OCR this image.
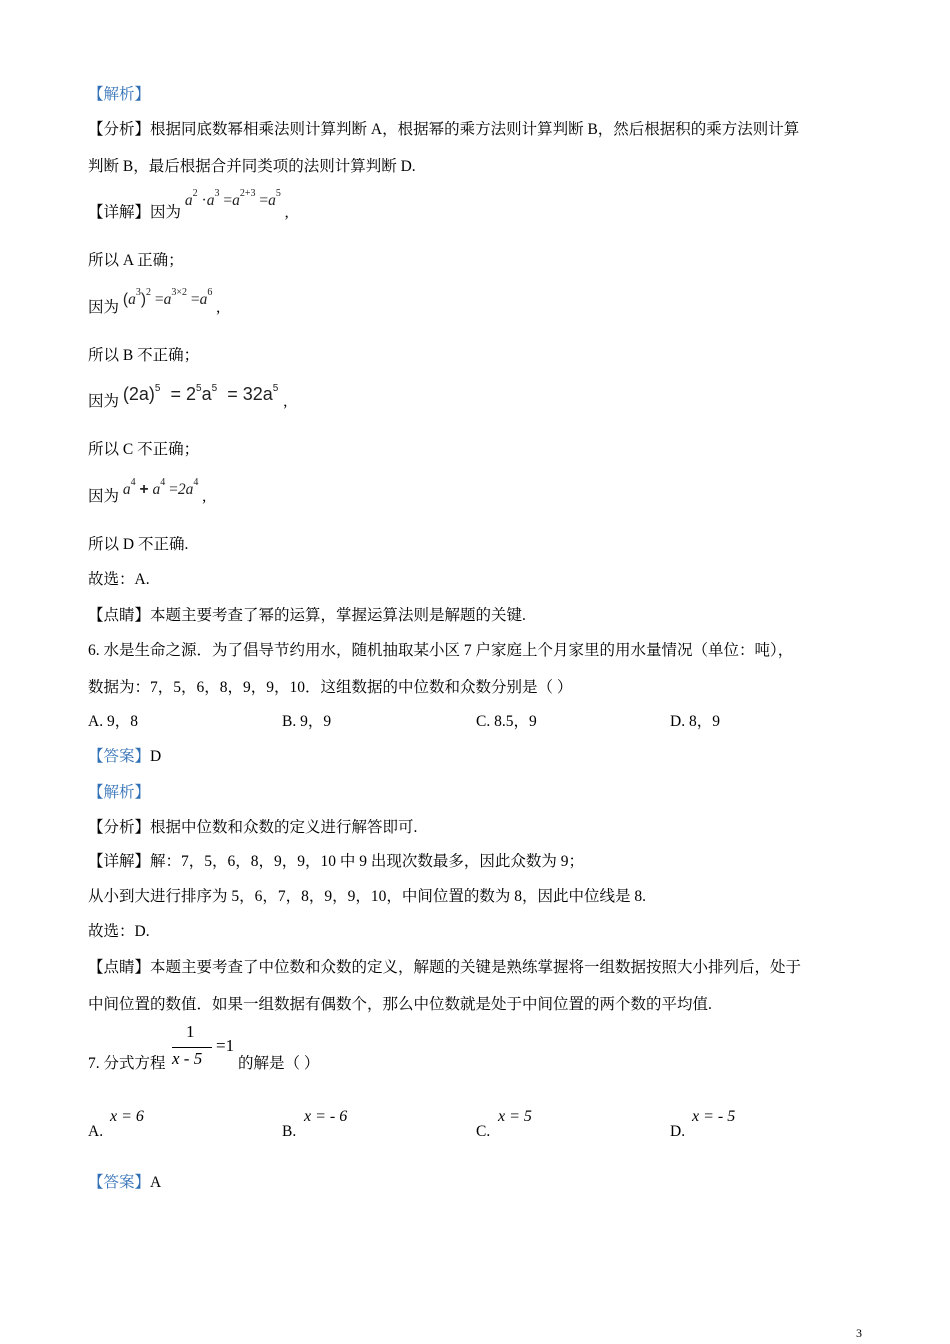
【解析】
【分析】根据同底数幂相乘法则计算判断 A，根据幂的乘方法则计算判断 B，然后根据积的乘方法则计算
判断 B，最后根据合并同类项的法则计算判断 D.
【详解】因为 $a^2 \cdot a^3 =a^{2+3} =a^5$ ,
所以 A 正确；
因为 $(a^3)^2 =a^{3\times 2} =a^6$ ,
所以 B 不正确；
因为 $(2a)^5 = 2^5a^5 = 32a^5$ ,
所以 C 不正确；
因为 $a^4 + a^4 =2a^4$ ,
所以 D 不正确.
故选：A.
【点睛】本题主要考查了幂的运算，掌握运算法则是解题的关键.
6. 水是生命之源．为了倡导节约用水，随机抽取某小区 7 户家庭上个月家里的用水量情况（单位：吨），
数据为：7，5，6，8，9，9，10．这组数据的中位数和众数分别是（ ）
A. 9，8	B. 9，9	C. 8.5，9	D. 8，9
【答案】D
【解析】
【分析】根据中位数和众数的定义进行解答即可.
【详解】解：7，5，6，8，9，9，10 中 9 出现次数最多，因此众数为 9；
从小到大进行排序为 5，6，7，8，9，9，10，中间位置的数为 8，因此中位线是 8.
故选：D.
【点睛】本题主要考查了中位数和众数的定义，解题的关键是熟练掌握将一组数据按照大小排列后，处于
中间位置的数值．如果一组数据有偶数个，那么中位数就是处于中间位置的两个数的平均值.
7. 分式方程
1
x - 5
=1
的解是（ ）
A.
x = 6
B.
x = - 6
C.
x = 5
D.
x = - 5
【答案】A
3
